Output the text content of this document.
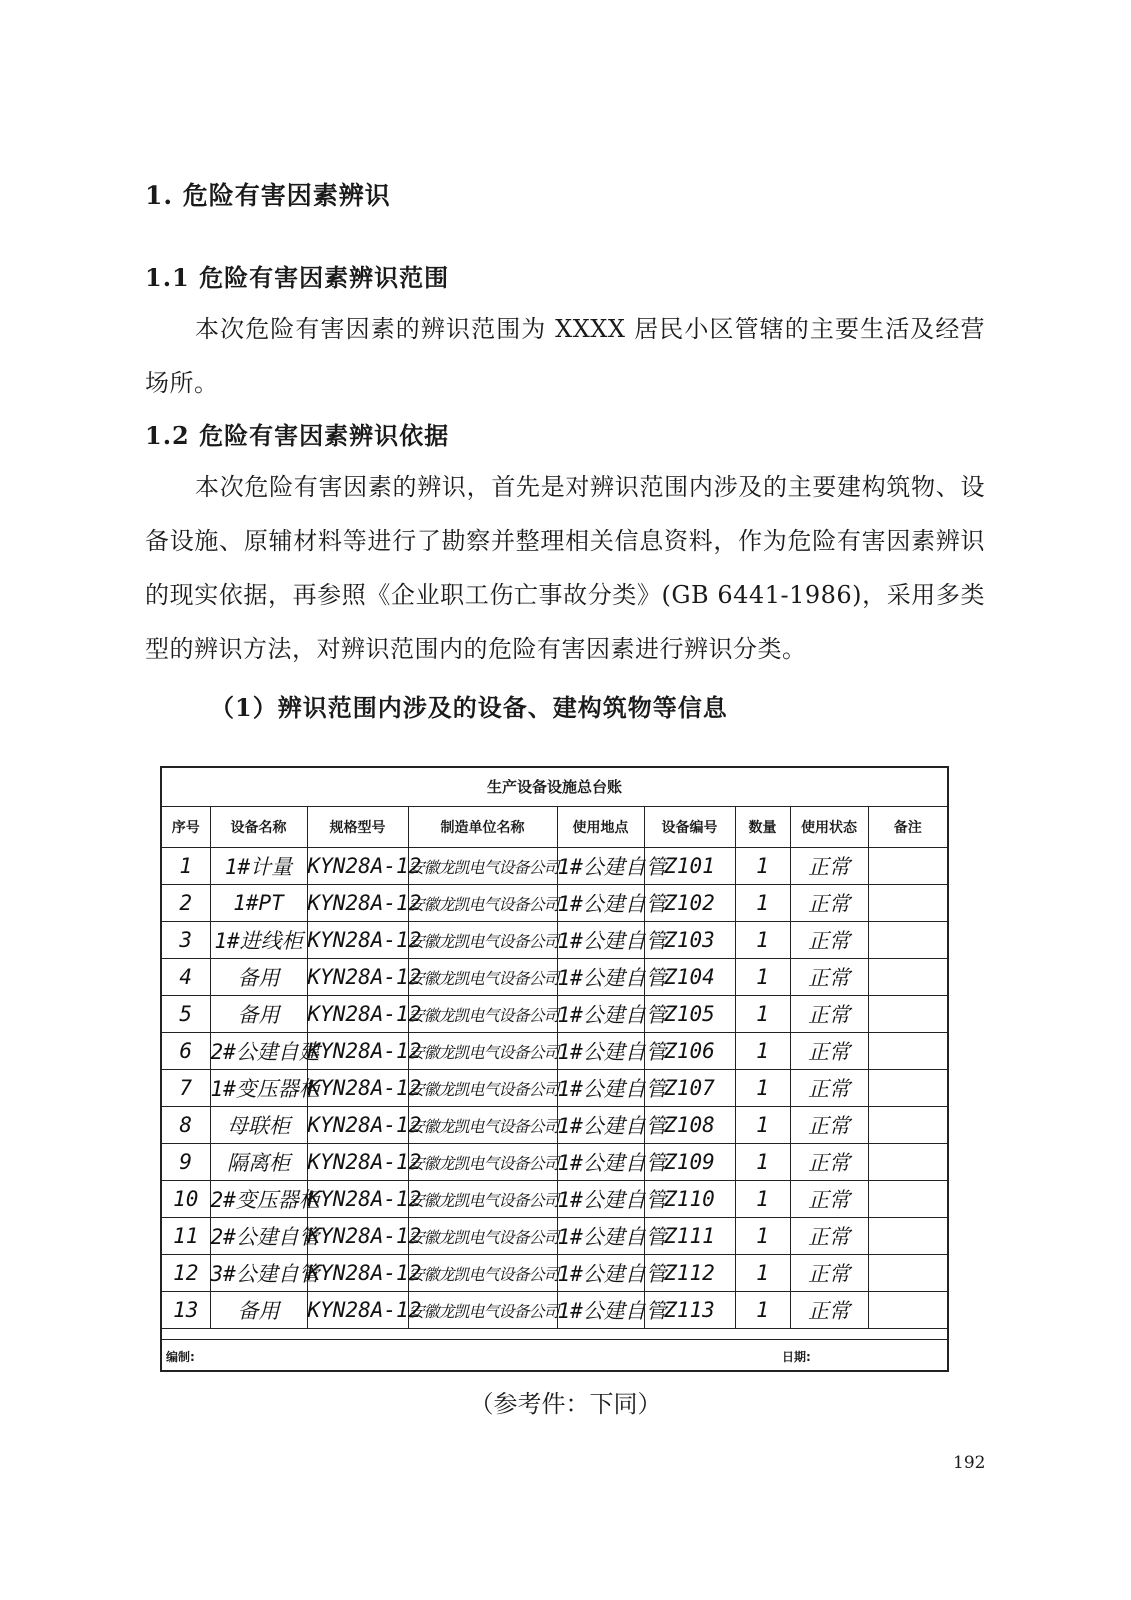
1. 危险有害因素辨识
1.1 危险有害因素辨识范围
本次危险有害因素的辨识范围为 XXXX 居民小区管辖的主要生活及经营场所。
1.2 危险有害因素辨识依据
本次危险有害因素的辨识，首先是对辨识范围内涉及的主要建构筑物、设备设施、原辅材料等进行了勘察并整理相关信息资料，作为危险有害因素辨识的现实依据，再参照《企业职工伤亡事故分类》(GB 6441-1986)，采用多类型的辨识方法，对辨识范围内的危险有害因素进行辨识分类。
（1）辨识范围内涉及的设备、建构筑物等信息
生产设备设施总台账
序号	设备名称	规格型号	制造单位名称	使用地点	设备编号	数量	使用状态	备注
1	1#计量	KYN28A-12	安徽龙凯电气设备公司	1#公建自管	Z101	1	正常	
2	1#PT	KYN28A-12	安徽龙凯电气设备公司	1#公建自管	Z102	1	正常	
3	1#进线柜	KYN28A-12	安徽龙凯电气设备公司	1#公建自管	Z103	1	正常	
4	备用	KYN28A-12	安徽龙凯电气设备公司	1#公建自管	Z104	1	正常	
5	备用	KYN28A-12	安徽龙凯电气设备公司	1#公建自管	Z105	1	正常	
6	2#公建自建	KYN28A-12	安徽龙凯电气设备公司	1#公建自管	Z106	1	正常	
7	1#变压器柜	KYN28A-12	安徽龙凯电气设备公司	1#公建自管	Z107	1	正常	
8	母联柜	KYN28A-12	安徽龙凯电气设备公司	1#公建自管	Z108	1	正常	
9	隔离柜	KYN28A-12	安徽龙凯电气设备公司	1#公建自管	Z109	1	正常	
10	2#变压器柜	KYN28A-12	安徽龙凯电气设备公司	1#公建自管	Z110	1	正常	
11	2#公建自管	KYN28A-12	安徽龙凯电气设备公司	1#公建自管	Z111	1	正常	
12	3#公建自管	KYN28A-12	安徽龙凯电气设备公司	1#公建自管	Z112	1	正常	
13	备用	KYN28A-12	安徽龙凯电气设备公司	1#公建自管	Z113	1	正常	
编制:	日期:
（参考件：下同）
192
